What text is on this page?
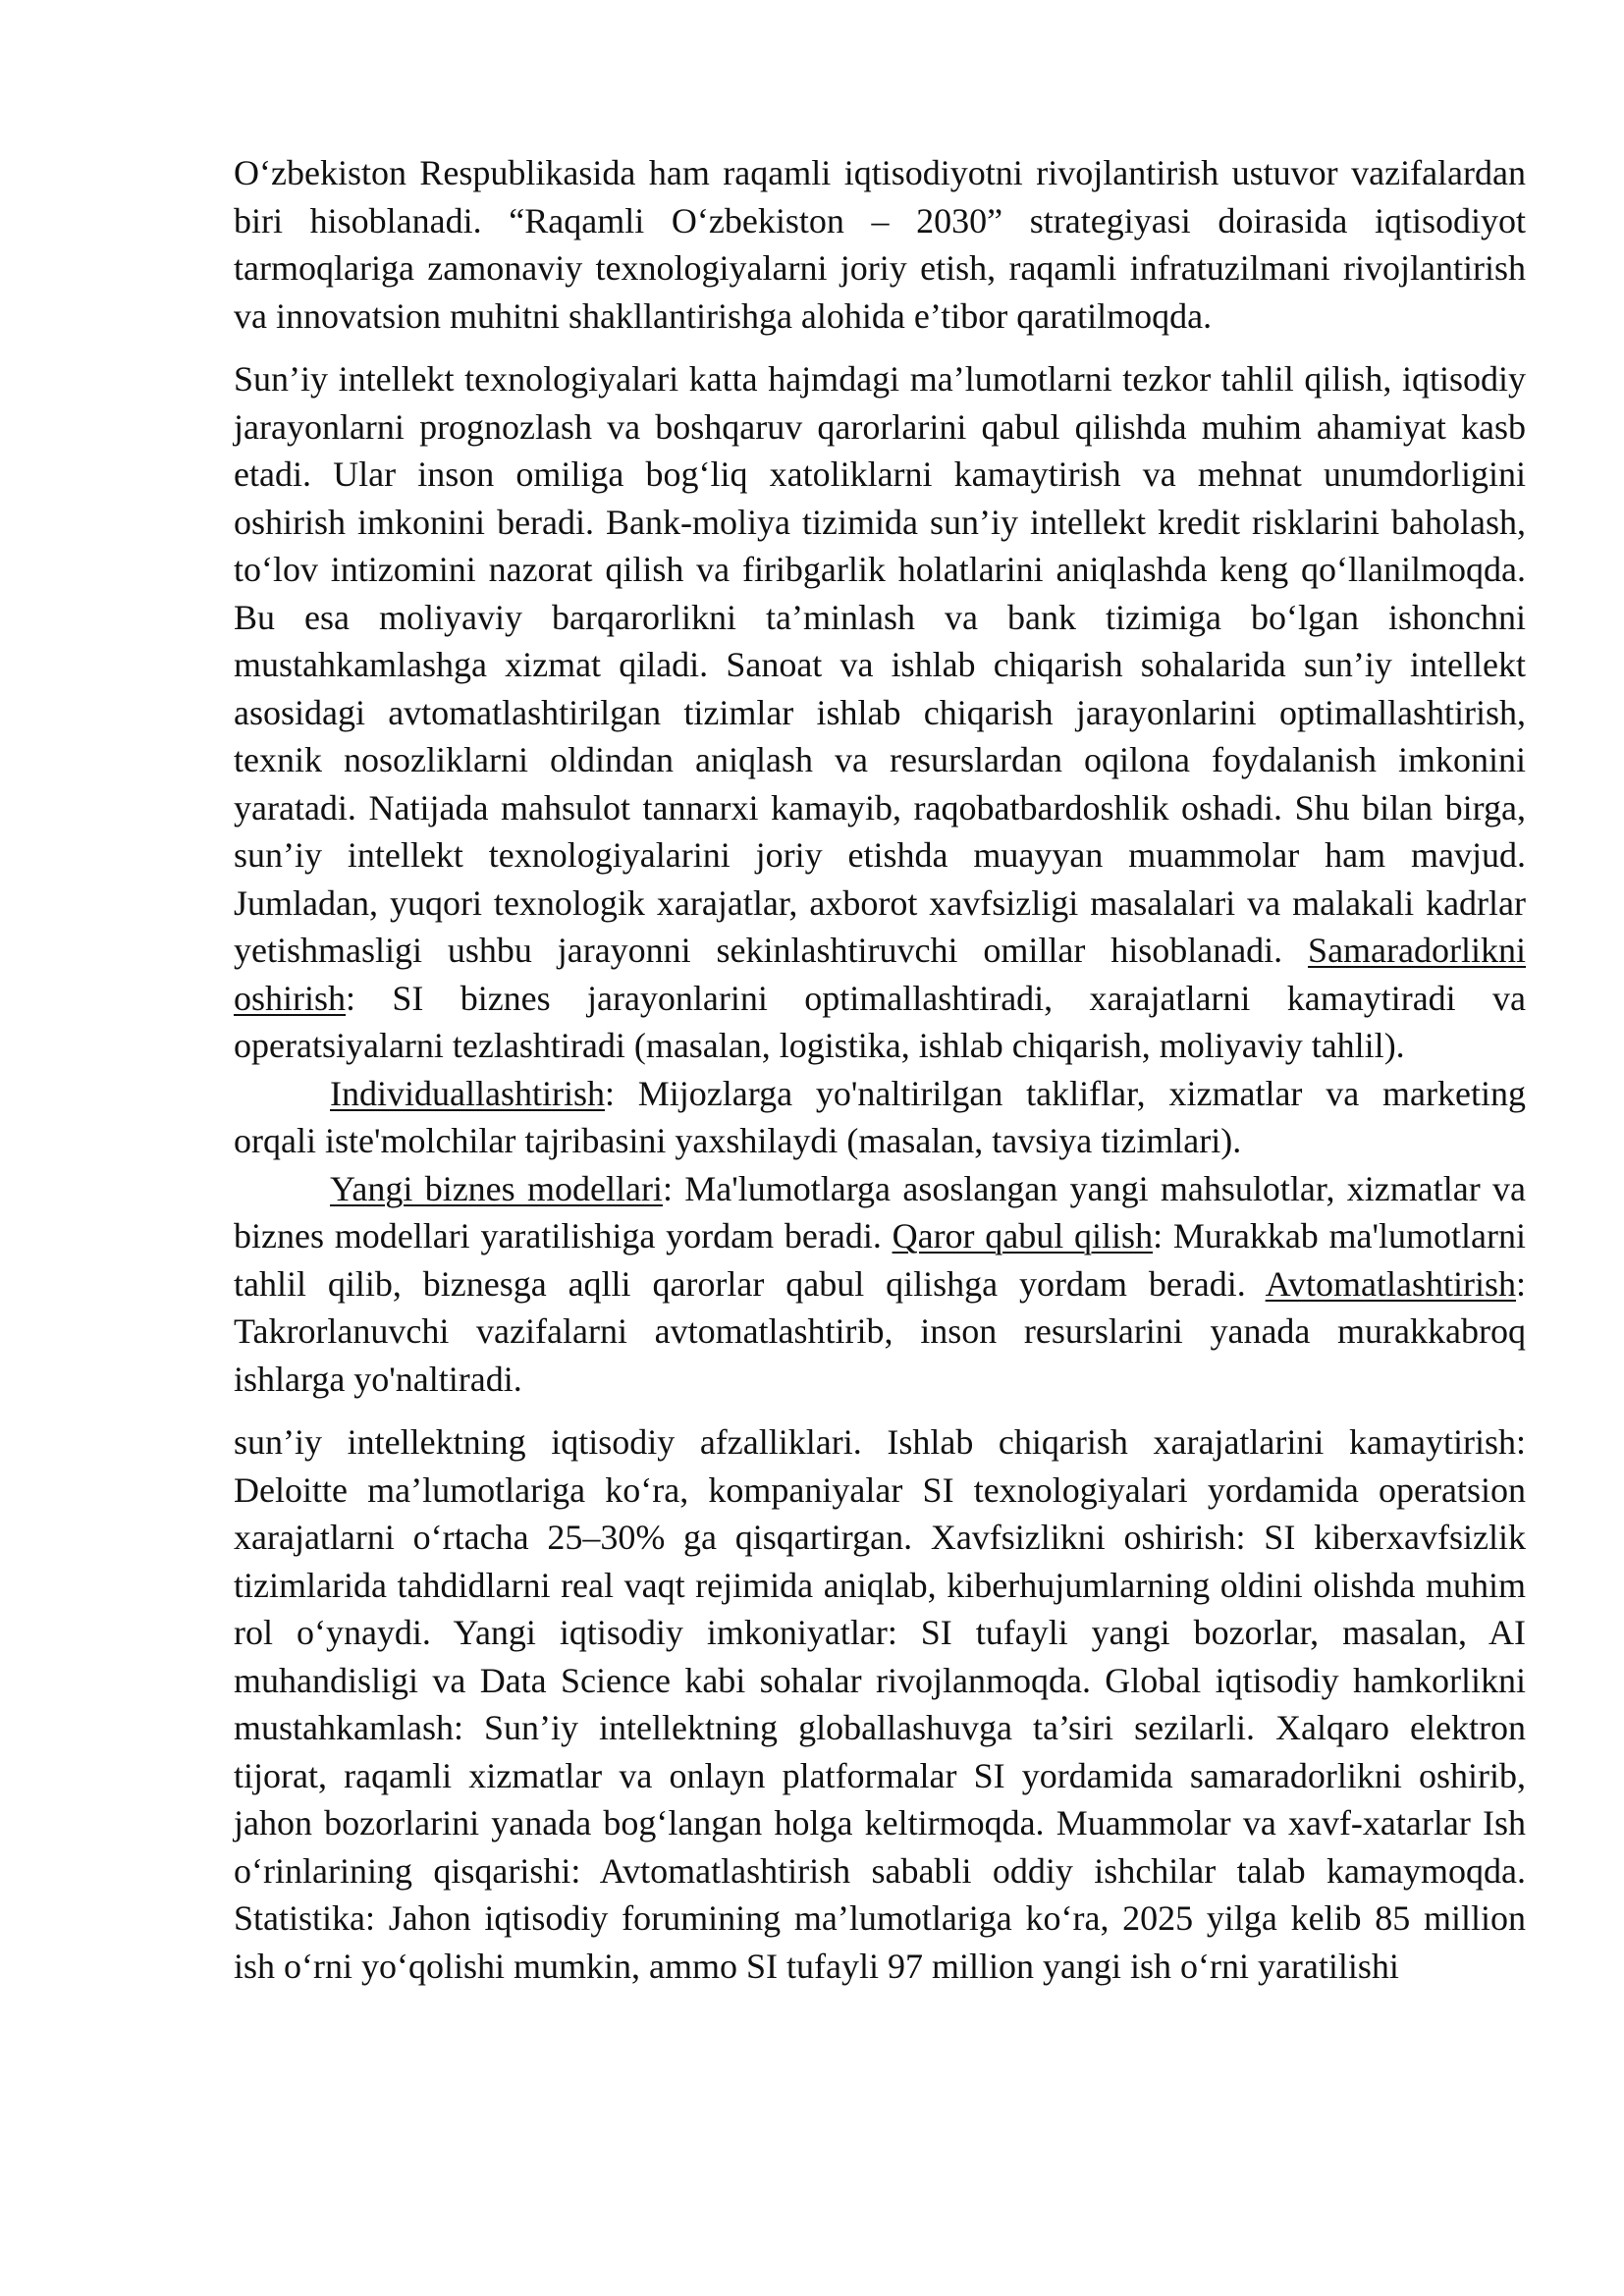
O‘zbekiston Respublikasida ham raqamli iqtisodiyotni rivojlantirish ustuvor vazifalardan biri hisoblanadi. “Raqamli O‘zbekiston – 2030” strategiyasi doirasida iqtisodiyot tarmoqlariga zamonaviy texnologiyalarni joriy etish, raqamli infratuzilmani rivojlantirish va innovatsion muhitni shakllantirishga alohida e’tibor qaratilmoqda.

Sun’iy intellekt texnologiyalari katta hajmdagi ma’lumotlarni tezkor tahlil qilish, iqtisodiy jarayonlarni prognozlash va boshqaruv qarorlarini qabul qilishda muhim ahamiyat kasb etadi. Ular inson omiliga bog‘liq xatoliklarni kamaytirish va mehnat unumdorligini oshirish imkonini beradi. Bank-moliya tizimida sun’iy intellekt kredit risklarini baholash, to‘lov intizomini nazorat qilish va firibgarlik holatlarini aniqlashda keng qo‘llanilmoqda. Bu esa moliyaviy barqarorlikni ta’minlash va bank tizimiga bo‘lgan ishonchni mustahkamlashga xizmat qiladi. Sanoat va ishlab chiqarish sohalarida sun’iy intellekt asosidagi avtomatlashtirilgan tizimlar ishlab chiqarish jarayonlarini optimallashtirish, texnik nosozliklarni oldindan aniqlash va resurslardan oqilona foydalanish imkonini yaratadi. Natijada mahsulot tannarxi kamayib, raqobatbardoshlik oshadi. Shu bilan birga, sun’iy intellekt texnologiyalarini joriy etishda muayyan muammolar ham mavjud. Jumladan, yuqori texnologik xarajatlar, axborot xavfsizligi masalalari va malakali kadrlar yetishmasligi ushbu jarayonni sekinlashtiruvchi omillar hisoblanadi. Samaradorlikni oshirish: SI biznes jarayonlarini optimallashtiradi, xarajatlarni kamaytiradi va operatsiyalarni tezlashtiradi (masalan, logistika, ishlab chiqarish, moliyaviy tahlil).
Individuallashtirish: Mijozlarga yo'naltirilgan takliflar, xizmatlar va marketing orqali iste'molchilar tajribasini yaxshilaydi (masalan, tavsiya tizimlari).
Yangi biznes modellari: Ma'lumotlarga asoslangan yangi mahsulotlar, xizmatlar va biznes modellari yaratilishiga yordam beradi. Qaror qabul qilish: Murakkab ma'lumotlarni tahlil qilib, biznesga aqlli qarorlar qabul qilishga yordam beradi. Avtomatlashtirish: Takrorlanuvchi vazifalarni avtomatlashtirib, inson resurslarini yanada murakkabroq ishlarga yo'naltiradi.

sun’iy intellektning iqtisodiy afzalliklari. Ishlab chiqarish xarajatlarini kamaytirish: Deloitte ma’lumotlariga ko‘ra, kompaniyalar SI texnologiyalari yordamida operatsion xarajatlarni o‘rtacha 25–30% ga qisqartirgan. Xavfsizlikni oshirish: SI kiberxavfsizlik tizimlarida tahdidlarni real vaqt rejimida aniqlab, kiberhujumlarning oldini olishda muhim rol o‘ynaydi. Yangi iqtisodiy imkoniyatlar: SI tufayli yangi bozorlar, masalan, AI muhandisligi va Data Science kabi sohalar rivojlanmoqda. Global iqtisodiy hamkorlikni mustahkamlash: Sun’iy intellektning globallashuvga ta’siri sezilarli. Xalqaro elektron tijorat, raqamli xizmatlar va onlayn platformalar SI yordamida samaradorlikni oshirib, jahon bozorlarini yanada bog‘langan holga keltirmoqda. Muammolar va xavf-xatarlar Ish o‘rinlarining qisqarishi: Avtomatlashtirish sababli oddiy ishchilar talab kamaymoqda. Statistika: Jahon iqtisodiy forumining ma’lumotlariga ko‘ra, 2025 yilga kelib 85 million ish o‘rni yo‘qolishi mumkin, ammo SI tufayli 97 million yangi ish o‘rni yaratilishi
